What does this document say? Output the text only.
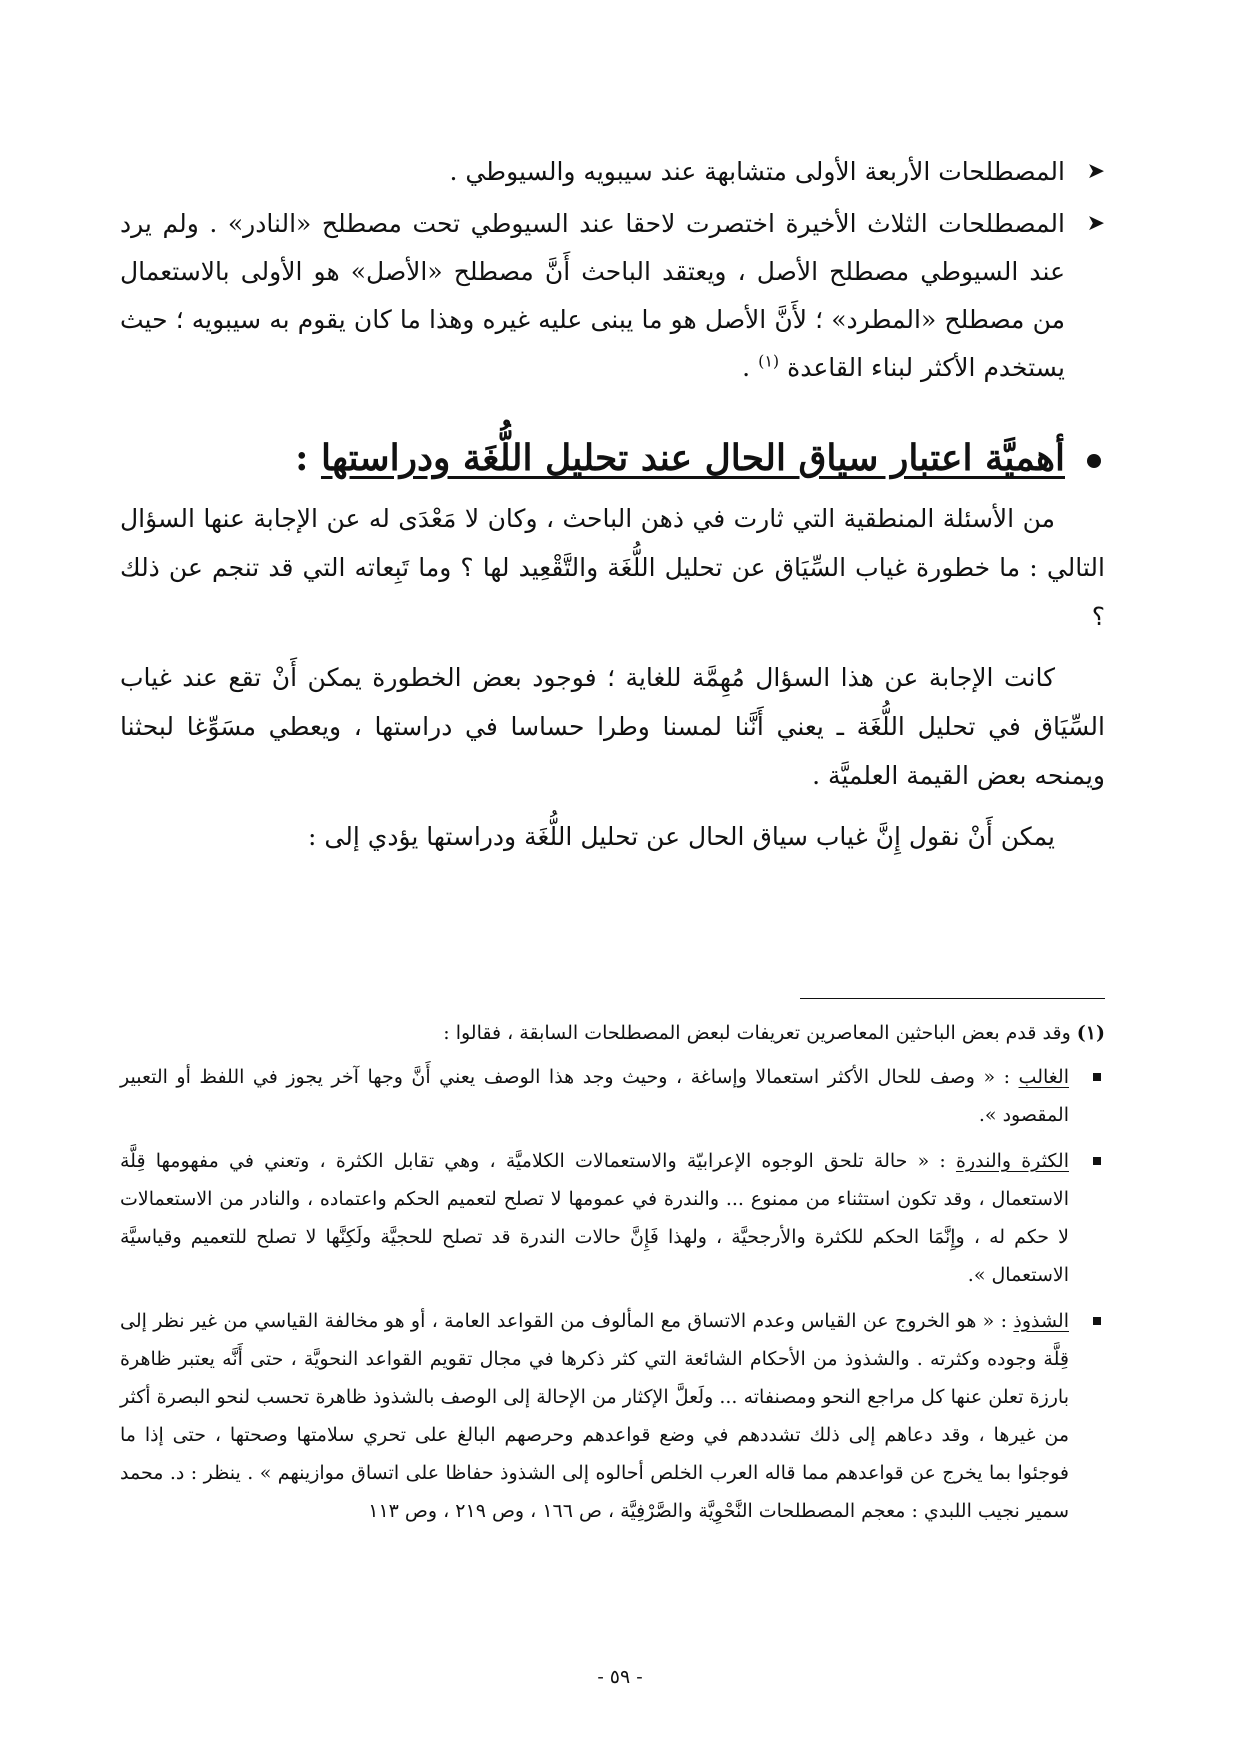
➤
المصطلحات الأربعة الأولى متشابهة عند سيبويه والسيوطي .
➤
المصطلحات الثلاث الأخيرة اختصرت لاحقا عند السيوطي تحت مصطلح «النادر» . ولم يرد عند السيوطي مصطلح الأصل ، ويعتقد الباحث أَنَّ مصطلح «الأصل» هو الأولى بالاستعمال من مصطلح «المطرد» ؛ لأَنَّ الأصل هو ما يبنى عليه غيره وهذا ما كان يقوم به سيبويه ؛ حيث يستخدم الأكثر لبناء القاعدة $^{(١)}$ .
أهميَّة اعتبار سياق الحال عند تحليل اللُّغَة ودراستها :

من الأسئلة المنطقية التي ثارت في ذهن الباحث ، وكان لا مَعْدَى له عن الإجابة عنها السؤال التالي : ما خطورة غياب السِّيَاق عن تحليل اللُّغَة والتَّقْعِيد لها ؟ وما تَبِعاته التي قد تنجم عن ذلك ؟

كانت الإجابة عن هذا السؤال مُهِمَّة للغاية ؛ فوجود بعض الخطورة يمكن أَنْ تقع عند غياب السِّيَاق في تحليل اللُّغَة ـ يعني أَنَّنا لمسنا وطرا حساسا في دراستها ، ويعطي مسَوِّغا لبحثنا ويمنحه بعض القيمة العلميَّة .

يمكن أَنْ نقول إِنَّ غياب سياق الحال عن تحليل اللُّغَة ودراستها يؤدي إلى :

(١) وقد قدم بعض الباحثين المعاصرين تعريفات لبعض المصطلحات السابقة ، فقالوا :

الغالب : « وصف للحال الأكثر استعمالا وإساغة ، وحيث وجد هذا الوصف يعني أَنَّ وجها آخر يجوز في اللفظ أو التعبير المقصود ».
الكثرة والندرة : « حالة تلحق الوجوه الإعرابيّة والاستعمالات الكلاميَّة ، وهي تقابل الكثرة ، وتعني في مفهومها قِلَّة الاستعمال ، وقد تكون استثناء من ممنوع ... والندرة في عمومها لا تصلح لتعميم الحكم واعتماده ، والنادر من الاستعمالات لا حكم له ، وإِنَّمَا الحكم للكثرة والأرجحيَّة ، ولهذا فَإِنَّ حالات الندرة قد تصلح للحجيَّة ولَكِنَّها لا تصلح للتعميم وقياسيَّة الاستعمال ».
الشذوذ : « هو الخروج عن القياس وعدم الاتساق مع المألوف من القواعد العامة ، أو هو مخالفة القياسي من غير نظر إلى قِلَّة وجوده وكثرته . والشذوذ من الأحكام الشائعة التي كثر ذكرها في مجال تقويم القواعد النحويَّة ، حتى أَنَّه يعتبر ظاهرة بارزة تعلن عنها كل مراجع النحو ومصنفاته ... ولَعلَّ الإكثار من الإحالة إلى الوصف بالشذوذ ظاهرة تحسب لنحو البصرة أكثر من غيرها ، وقد دعاهم إلى ذلك تشددهم في وضع قواعدهم وحرصهم البالغ على تحري سلامتها وصحتها ، حتى إذا ما فوجئوا بما يخرج عن قواعدهم مما قاله العرب الخلص أحالوه إلى الشذوذ حفاظا على اتساق موازينهم » . ينظر : د. محمد سمير نجيب اللبدي : معجم المصطلحات النَّحْوِيَّة والصَّرْفِيَّة ، ص ١٦٦ ، وص ٢١٩ ، وص ١١٣
- ٥٩ -
